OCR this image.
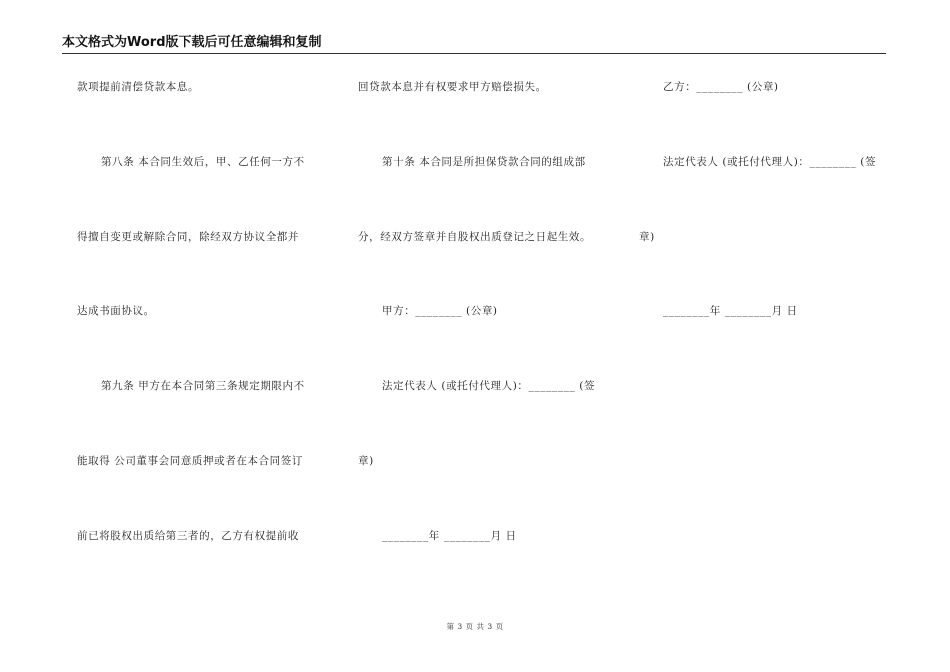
本文格式为Word版下载后可任意编辑和复制
款项提前清偿贷款本息。
第八条 本合同生效后，甲、乙任何一方不
得擅自变更或解除合同，除经双方协议全都并
达成书面协议。
第九条 甲方在本合同第三条规定期限内不
能取得 公司董事会同意质押或者在本合同签订
前已将股权出质给第三者的，乙方有权提前收
回贷款本息并有权要求甲方赔偿损失。
第十条 本合同是所担保贷款合同的组成部
分，经双方签章并自股权出质登记之日起生效。
甲方：________ (公章)
法定代表人 (或托付代理人)：________ (签
章)
________年 ________月 日
乙方：________ (公章)
法定代表人 (或托付代理人)：________ (签
章)
________年 ________月 日
第 3 页 共 3 页
